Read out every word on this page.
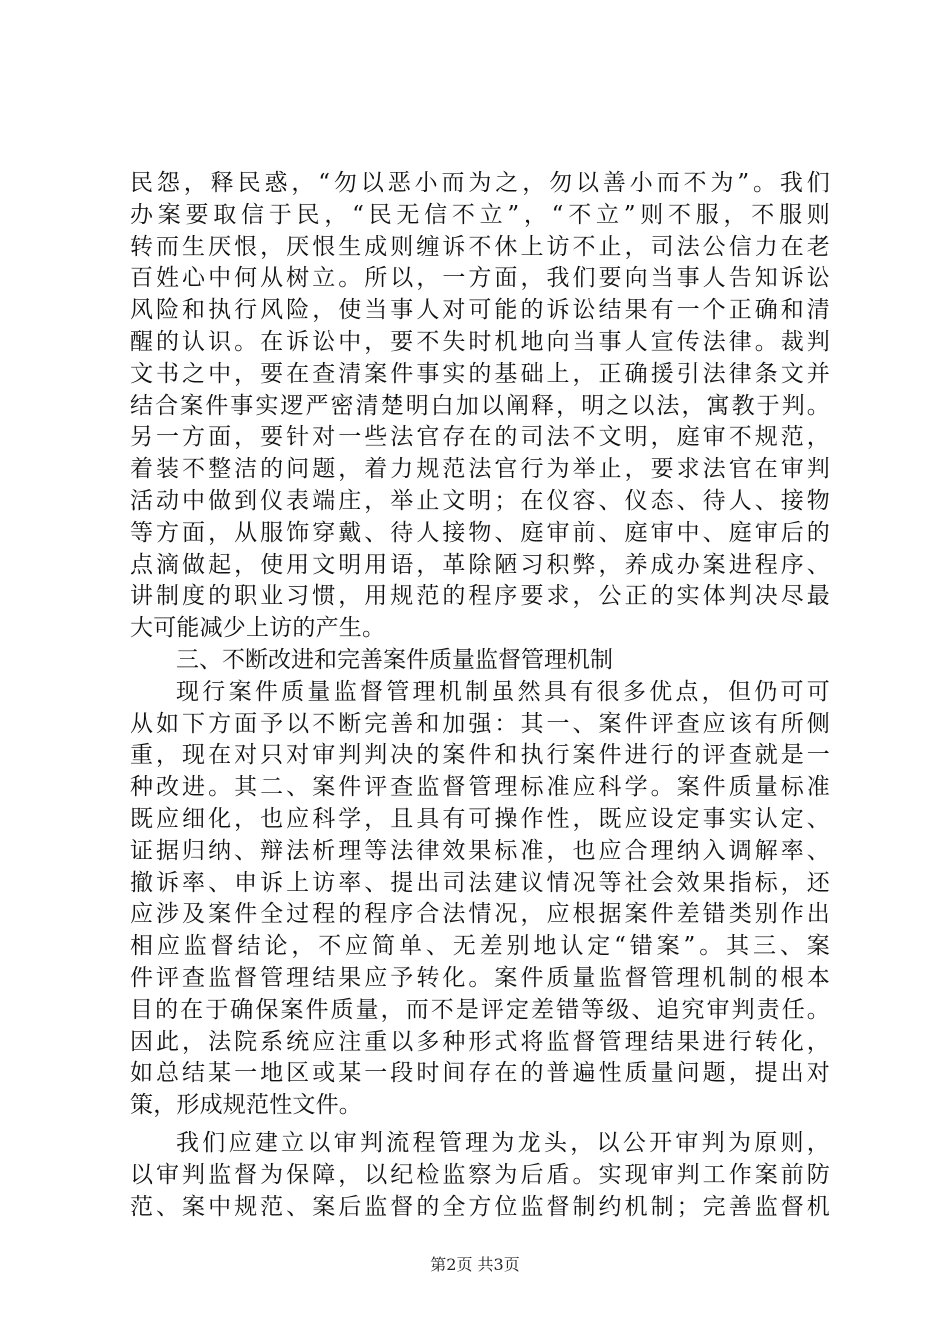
民怨，释民惑，“勿以恶小而为之，勿以善小而不为”。我们
办案要取信于民，“民无信不立”，“不立”则不服，不服则
转而生厌恨，厌恨生成则缠诉不休上访不止，司法公信力在老
百姓心中何从树立。所以，一方面，我们要向当事人告知诉讼
风险和执行风险，使当事人对可能的诉讼结果有一个正确和清
醒的认识。在诉讼中，要不失时机地向当事人宣传法律。裁判
文书之中，要在查清案件事实的基础上，正确援引法律条文并
结合案件事实逻严密清楚明白加以阐释，明之以法，寓教于判。
另一方面，要针对一些法官存在的司法不文明，庭审不规范，
着装不整洁的问题，着力规范法官行为举止，要求法官在审判
活动中做到仪表端庄，举止文明；在仪容、仪态、待人、接物
等方面，从服饰穿戴、待人接物、庭审前、庭审中、庭审后的
点滴做起，使用文明用语，革除陋习积弊，养成办案进程序、
讲制度的职业习惯，用规范的程序要求，公正的实体判决尽最
大可能减少上访的产生。
三、不断改进和完善案件质量监督管理机制
现行案件质量监督管理机制虽然具有很多优点，但仍可可
从如下方面予以不断完善和加强：其一、案件评查应该有所侧
重，现在对只对审判判决的案件和执行案件进行的评查就是一
种改进。其二、案件评查监督管理标准应科学。案件质量标准
既应细化，也应科学，且具有可操作性，既应设定事实认定、
证据归纳、辩法析理等法律效果标准，也应合理纳入调解率、
撤诉率、申诉上访率、提出司法建议情况等社会效果指标，还
应涉及案件全过程的程序合法情况，应根据案件差错类别作出
相应监督结论，不应简单、无差别地认定“错案”。其三、案
件评查监督管理结果应予转化。案件质量监督管理机制的根本
目的在于确保案件质量，而不是评定差错等级、追究审判责任。
因此，法院系统应注重以多种形式将监督管理结果进行转化，
如总结某一地区或某一段时间存在的普遍性质量问题，提出对
策，形成规范性文件。
我们应建立以审判流程管理为龙头，以公开审判为原则，
以审判监督为保障，以纪检监察为后盾。实现审判工作案前防
范、案中规范、案后监督的全方位监督制约机制；完善监督机
第2页 共3页
